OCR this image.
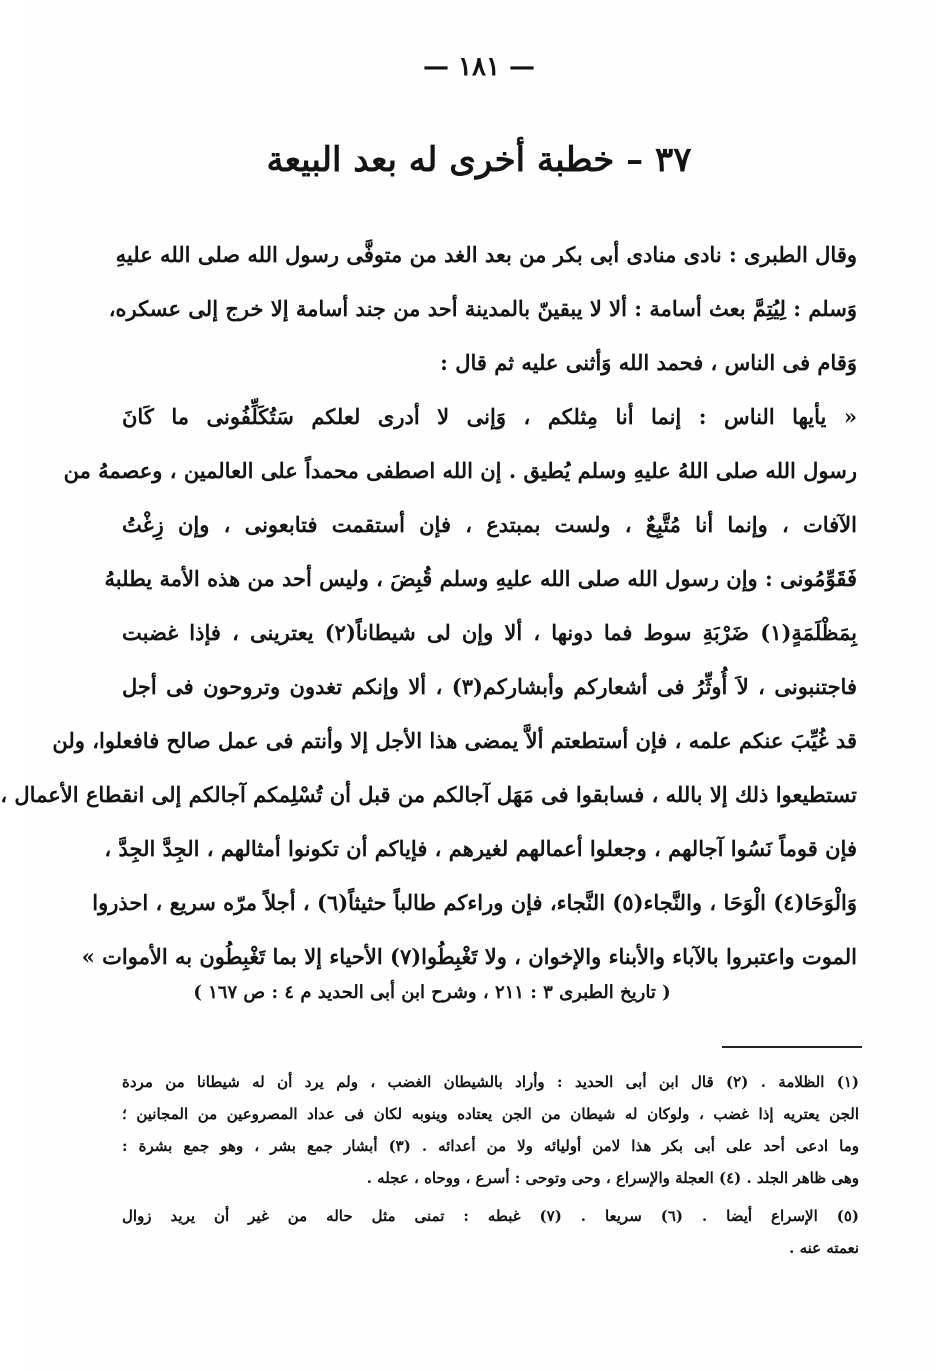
— ١٨١ —
٣٧ – خطبة أخرى له بعد البيعة
وقال الطبرى : نادى منادى أبى بكر من بعد الغد من متوفَّى رسول الله صلى الله عليهِ
وَسلم : لِيُتِمَّ بعث أسامة : ألا لا يبقينّ بالمدينة أحد من جند أسامة إلا خرج إلى عسكره،
وَقام فى الناس ، فحمد الله وَأثنى عليه ثم قال :
« يأيها الناس : إنما أنا مِثلكم ، وَإنى لا أدرى لعلكم سَتُكَلِّفُونى ما كَانَ
رسول الله صلى اللهُ عليهِ وسلم يُطيق . إن الله اصطفى محمداً على العالمين ، وعصمهُ من
الآفات ، وإنما أنا مُتَّبِعٌ ، ولست بمبتدع ، فإن أستقمت فتابعونى ، وإن زِغْتُ
فَقَوِّمُونى : وإن رسول الله صلى الله عليهِ وسلم قُبِضَ ، وليس أحد من هذه الأمة يطلبهُ
بِمَظْلَمَةٍ(١) ضَرْبَةِ سوط فما دونها ، ألا وإن لى شيطاناً(٢) يعترينى ، فإذا غضبت
فاجتنبونى ، لاَ أُوثِّرُ فى أشعاركم وأبشاركم(٣) ، ألا وإنكم تغدون وتروحون فى أجل
قد غُيِّبَ عنكم علمه ، فإن أستطعتم ألاَّ يمضى هذا الأجل إلا وأنتم فى عمل صالح فافعلوا، ولن
تستطيعوا ذلك إلا بالله ، فسابقوا فى مَهَل آجالكم من قبل أن تُسْلِمكم آجالكم إلى انقطاع الأعمال ،
فإن قوماً نَسُوا آجالهم ، وجعلوا أعمالهم لغيرهم ، فإياكم أن تكونوا أمثالهم ، الجِدَّ الجِدَّ ،
وَالْوَحَا(٤) الْوَحَا ، والنَّجاء(٥) النَّجاء، فإن وراءكم طالباً حثيثاً(٦) ، أجلاً مرّه سريع ، احذروا
الموت واعتبروا بالآباء والأبناء والإخوان ، ولا تَغْبِطُوا(٧) الأحياء إلا بما تَغْبِطُون به الأموات »
( تاريخ الطبرى ٣ : ٢١١ ، وشرح ابن أبى الحديد م ٤ : ص ١٦٧ )
(١) الظلامة . (٢) قال ابن أبى الحديد : وأراد بالشيطان الغضب ، ولم يرد أن له شيطانا من مردة
الجن يعتريه إذا غضب ، ولوكان له شيطان من الجن يعتاده وينوبه لكان فى عداد المصروعين من المجانين ؛
وما ادعى أحد على أبى بكر هذا لامن أوليائه ولا من أعدائه . (٣) أبشار جمع بشر ، وهو جمع بشرة :
وهى ظاهر الجلد . (٤) العجلة والإسراع ، وحى وتوحى : أسرع ، ووحاه ، عجله .
(٥) الإسراع أيضا . (٦) سريعا . (٧) غبطه : تمنى مثل حاله من غير أن يريد زوال
نعمته عنه .
